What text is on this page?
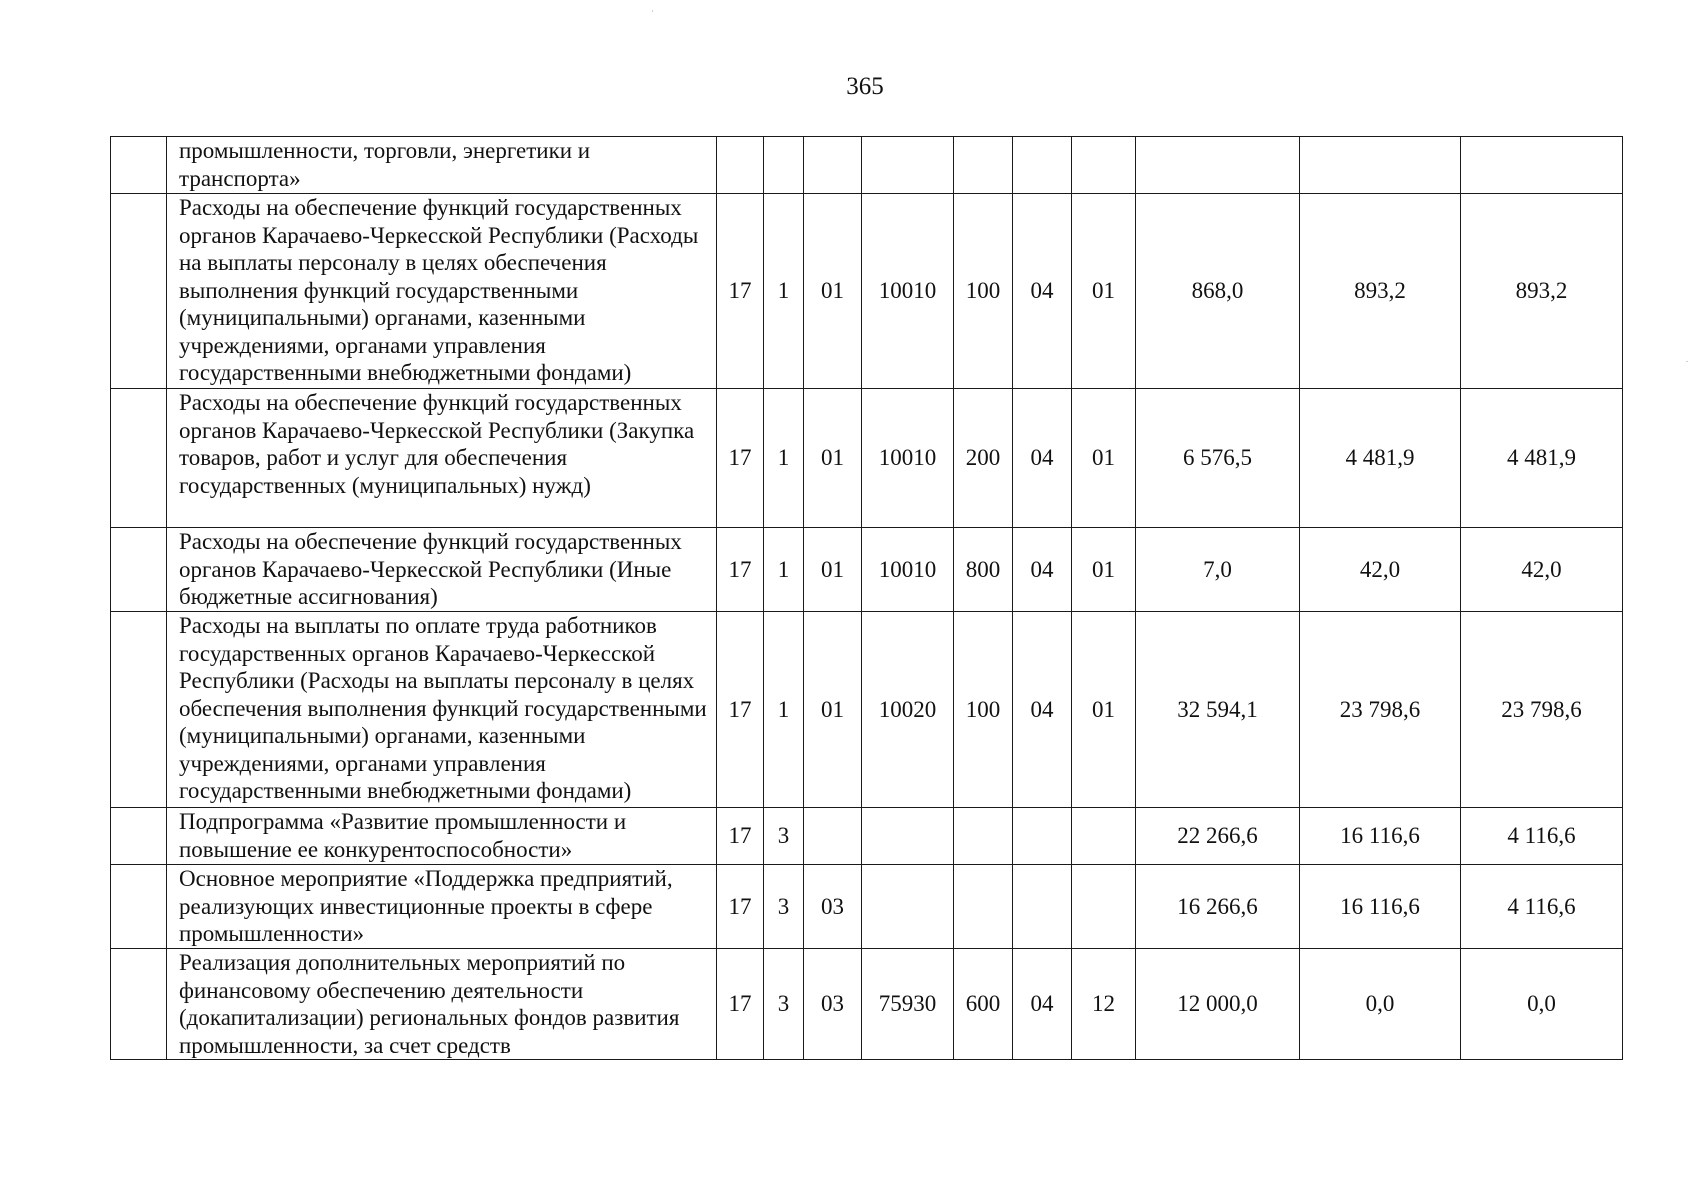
365
	промышленности, торговли, энергетики и транспорта»										
	Расходы на обеспечение функций государственных органов Карачаево-Черкесской Республики (Расходы на выплаты персоналу в целях обеспечения выполнения функций государственными (муниципальными) органами, казенными учреждениями, органами управления государственными внебюджетными фондами)	17	1	01	10010	100	04	01	868,0	893,2	893,2
	Расходы на обеспечение функций государственных органов Карачаево-Черкесской Республики (Закупка товаров, работ и услуг для обеспечения государственных (муниципальных) нужд)	17	1	01	10010	200	04	01	6 576,5	4 481,9	4 481,9
	Расходы на обеспечение функций государственных органов Карачаево-Черкесской Республики (Иные бюджетные ассигнования)	17	1	01	10010	800	04	01	7,0	42,0	42,0
	Расходы на выплаты по оплате труда работников государственных органов Карачаево-Черкесской Республики (Расходы на выплаты персоналу в целях обеспечения выполнения функций государственными (муниципальными) органами, казенными учреждениями, органами управления государственными внебюджетными фондами)	17	1	01	10020	100	04	01	32 594,1	23 798,6	23 798,6
	Подпрограмма «Развитие промышленности и повышение ее конкурентоспособности»	17	3						22 266,6	16 116,6	4 116,6
	Основное мероприятие «Поддержка предприятий, реализующих инвестиционные проекты в сфере промышленности»	17	3	03					16 266,6	16 116,6	4 116,6
	Реализация дополнительных мероприятий по финансовому обеспечению деятельности (докапитализации) региональных фондов развития промышленности, за счет средств	17	3	03	75930	600	04	12	12 000,0	0,0	0,0
